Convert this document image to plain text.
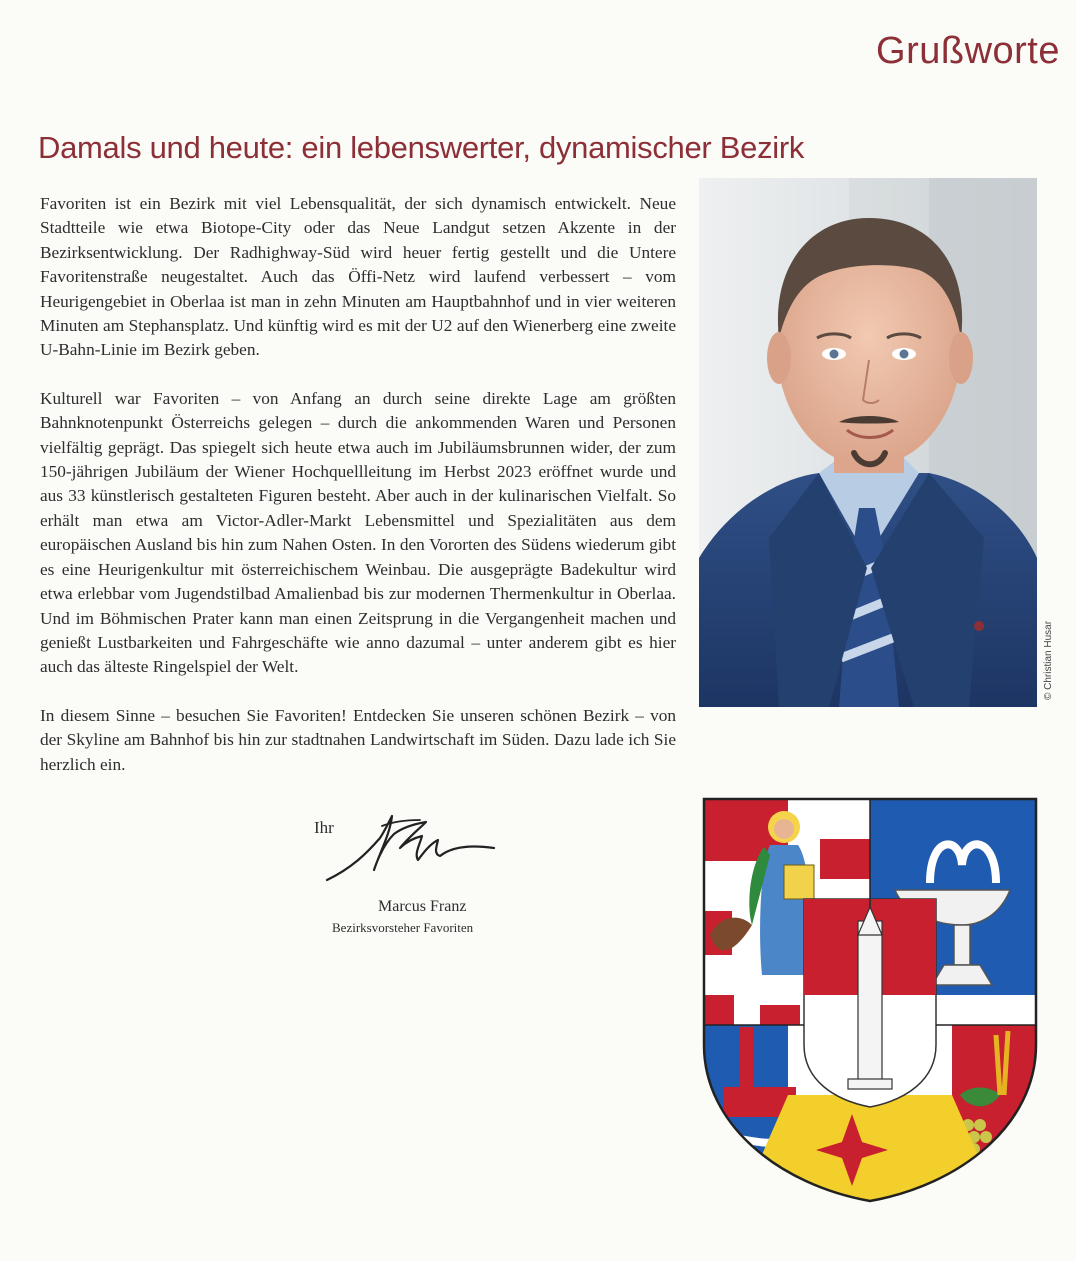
Grußworte
Damals und heute: ein lebenswerter, dynamischer Bezirk

Favoriten ist ein Bezirk mit viel Lebensqualität, der sich dynamisch entwickelt. Neue Stadtteile wie etwa Biotope-City oder das Neue Landgut setzen Akzente in der Bezirksentwicklung. Der Radhighway-Süd wird heuer fertig gestellt und die Untere Favoritenstraße neugestaltet. Auch das Öffi-Netz wird laufend verbessert – vom Heurigengebiet in Oberlaa ist man in zehn Minuten am Hauptbahnhof und in vier weiteren Minuten am Stephansplatz. Und künftig wird es mit der U2 auf den Wienerberg eine zweite U-Bahn-Linie im Bezirk geben.

Kulturell war Favoriten – von Anfang an durch seine direkte Lage am größten Bahnknotenpunkt Österreichs gelegen – durch die ankommenden Waren und Personen vielfältig geprägt. Das spiegelt sich heute etwa auch im Jubiläumsbrunnen wider, der zum 150-jährigen Jubiläum der Wiener Hochquellleitung im Herbst 2023 eröffnet wurde und aus 33 künstlerisch gestalteten Figuren besteht. Aber auch in der kulinarischen Vielfalt. So erhält man etwa am Victor-Adler-Markt Lebensmittel und Spezialitäten aus dem europäischen Ausland bis hin zum Nahen Osten. In den Vororten des Südens wiederum gibt es eine Heurigenkultur mit österreichischem Weinbau. Die ausgeprägte Badekultur wird etwa erlebbar vom Jugendstilbad Amalienbad bis zur modernen Thermenkultur in Oberlaa. Und im Böhmischen Prater kann man einen Zeitsprung in die Vergangenheit machen und genießt Lustbarkeiten und Fahrgeschäfte wie anno dazumal – unter anderem gibt es hier auch das älteste Ringelspiel der Welt.

In diesem Sinne – besuchen Sie Favoriten! Entdecken Sie unseren schönen Bezirk – von der Skyline am Bahnhof bis hin zur stadtnahen Landwirtschaft im Süden. Dazu lade ich Sie herzlich ein.

Ihr
Marcus Franz
Bezirksvorsteher Favoriten
© Christian Husar
